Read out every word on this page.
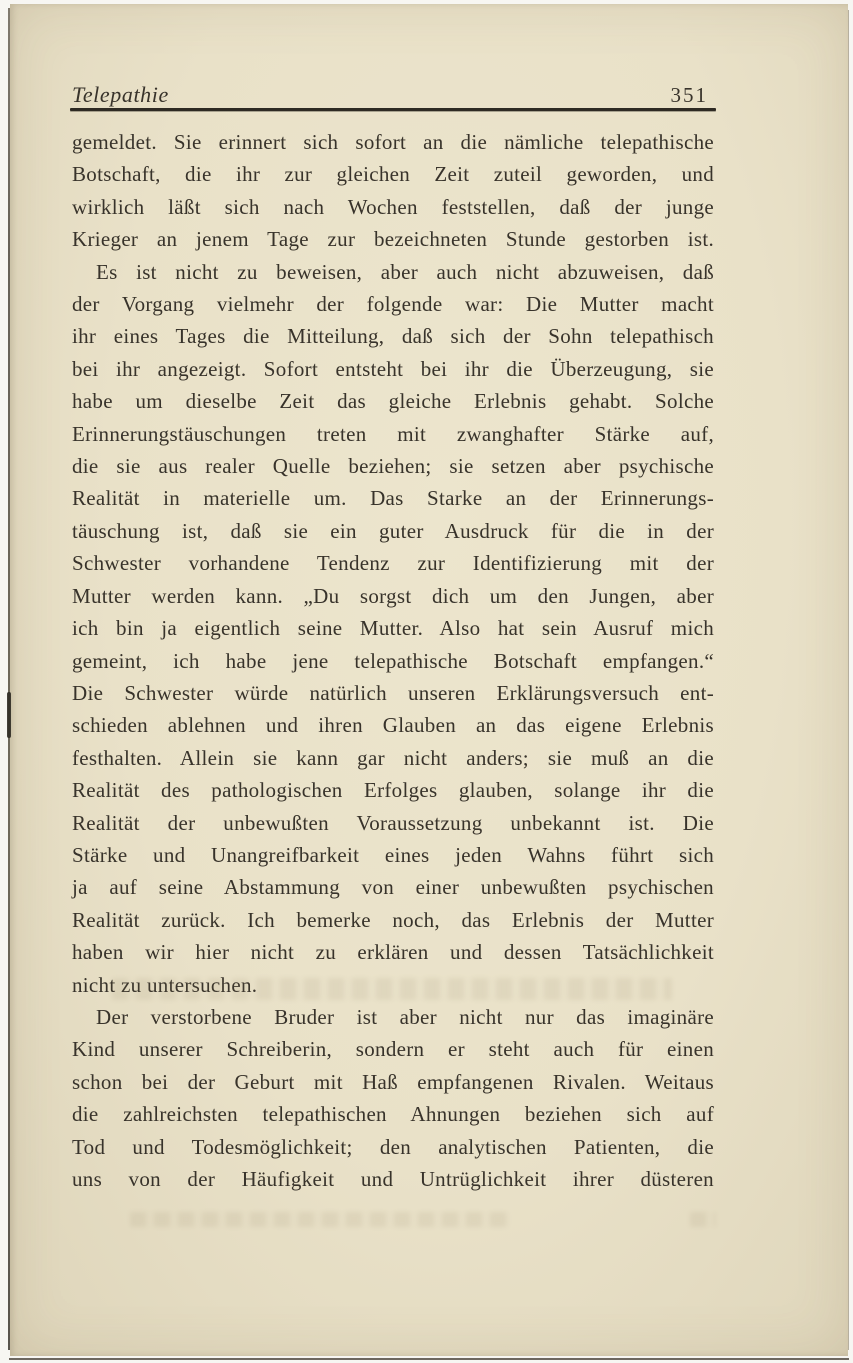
Telepathie	351
gemeldet. Sie erinnert sich sofort an die nämliche telepathische
Botschaft, die ihr zur gleichen Zeit zuteil geworden, und
wirklich läßt sich nach Wochen feststellen, daß der junge
Krieger an jenem Tage zur bezeichneten Stunde gestorben ist.
Es ist nicht zu beweisen, aber auch nicht abzuweisen, daß
der Vorgang vielmehr der folgende war: Die Mutter macht
ihr eines Tages die Mitteilung, daß sich der Sohn telepathisch
bei ihr angezeigt. Sofort entsteht bei ihr die Überzeugung, sie
habe um dieselbe Zeit das gleiche Erlebnis gehabt. Solche
Erinnerungstäuschungen treten mit zwanghafter Stärke auf,
die sie aus realer Quelle beziehen; sie setzen aber psychische
Realität in materielle um. Das Starke an der Erinnerungs-
täuschung ist, daß sie ein guter Ausdruck für die in der
Schwester vorhandene Tendenz zur Identifizierung mit der
Mutter werden kann. „Du sorgst dich um den Jungen, aber
ich bin ja eigentlich seine Mutter. Also hat sein Ausruf mich
gemeint, ich habe jene telepathische Botschaft empfangen.“
Die Schwester würde natürlich unseren Erklärungsversuch ent-
schieden ablehnen und ihren Glauben an das eigene Erlebnis
festhalten. Allein sie kann gar nicht anders; sie muß an die
Realität des pathologischen Erfolges glauben, solange ihr die
Realität der unbewußten Voraussetzung unbekannt ist. Die
Stärke und Unangreifbarkeit eines jeden Wahns führt sich
ja auf seine Abstammung von einer unbewußten psychischen
Realität zurück. Ich bemerke noch, das Erlebnis der Mutter
haben wir hier nicht zu erklären und dessen Tatsächlichkeit
nicht zu untersuchen.
Der verstorbene Bruder ist aber nicht nur das imaginäre
Kind unserer Schreiberin, sondern er steht auch für einen
schon bei der Geburt mit Haß empfangenen Rivalen. Weitaus
die zahlreichsten telepathischen Ahnungen beziehen sich auf
Tod und Todesmöglichkeit; den analytischen Patienten, die
uns von der Häufigkeit und Untrüglichkeit ihrer düsteren
